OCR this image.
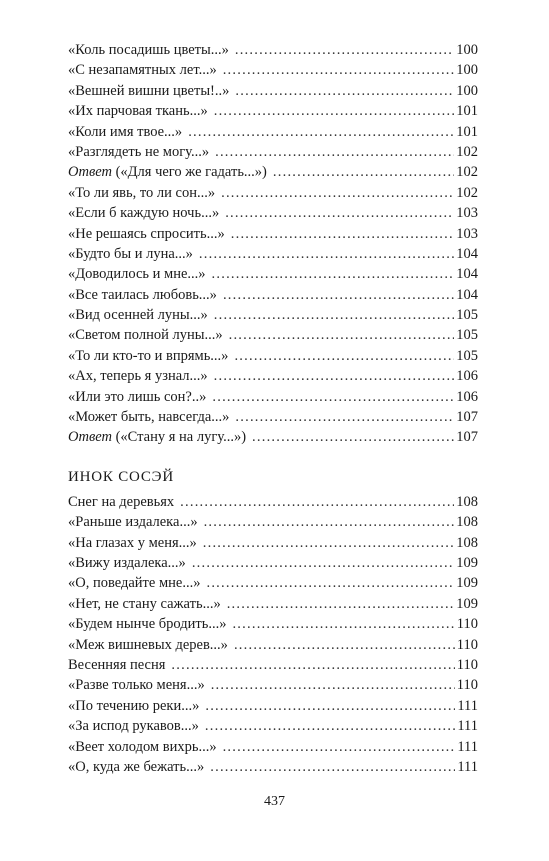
«Коль посадишь цветы...» . . .	100
«С незапамятных лет...» . . .	100
«Вешней вишни цветы!..» . . .	100
«Их парчовая ткань...» . . .	101
«Коли имя твое...» . . .	101
«Разглядеть не могу...» . . .	102
Ответ («Для чего же гадать...») . . .	102
«То ли явь, то ли сон...» . . .	102
«Если б каждую ночь...» . . .	103
«Не решаясь спросить...» . . .	103
«Будто бы и луна...» . . .	104
«Доводилось и мне...» . . .	104
«Все таилась любовь...» . . .	104
«Вид осенней луны...» . . .	105
«Светом полной луны...» . . .	105
«То ли кто-то и впрямь...» . . .	105
«Ах, теперь я узнал...» . . .	106
«Или это лишь сон?..» . . .	106
«Может быть, навсегда...» . . .	107
Ответ («Стану я на лугу...») . . .	107
ИНОК СОСЭЙ
Снег на деревьях . . .	108
«Раньше издалека...» . . .	108
«На глазах у меня...» . . .	108
«Вижу издалека...» . . .	109
«О, поведайте мне...» . . .	109
«Нет, не стану сажать...» . . .	109
«Будем нынче бродить...» . . .	110
«Меж вишневых дерев...» . . .	110
Весенняя песня . . .	110
«Разве только меня...» . . .	110
«По течению реки...» . . .	111
«За испод рукавов...» . . .	111
«Веет холодом вихрь...» . . .	111
«О, куда же бежать...» . . .	111
437
